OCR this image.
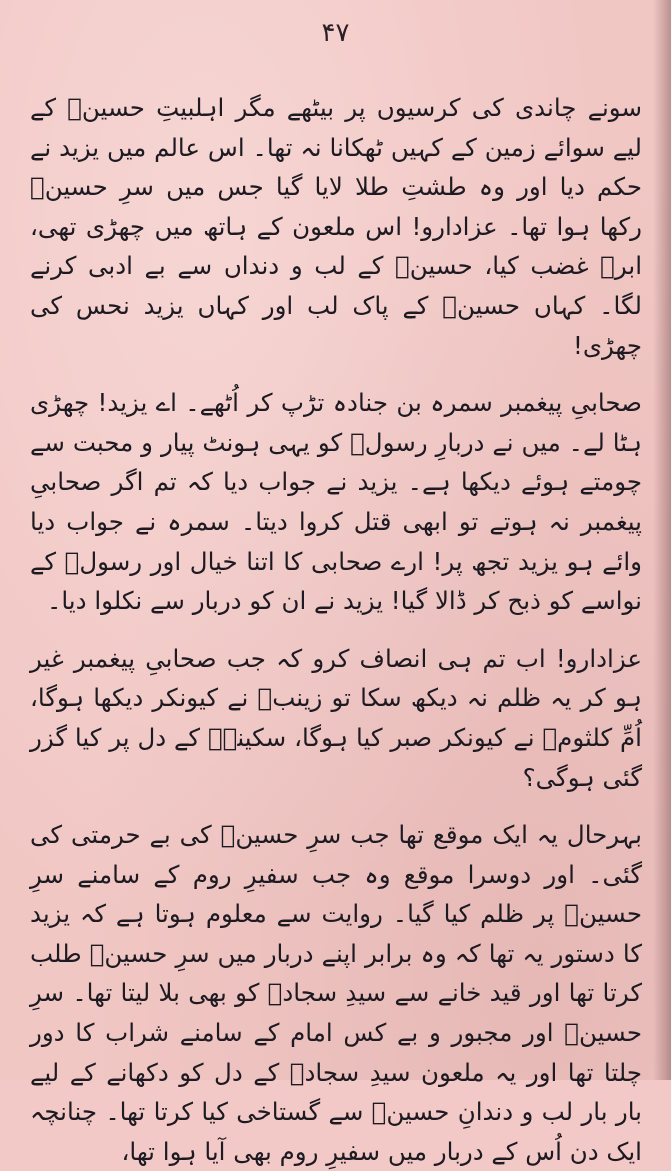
۴۷

سونے چاندی کی کرسیوں پر بیٹھے مگر اہلبیتِ حسینؑ کے لیے سوائے زمین کے کہیں ٹھکانا نہ تھا۔ اس عالم میں یزید نے حکم دیا اور وہ طشتِ طلا لایا گیا جس میں سرِ حسینؑ رکھا ہوا تھا۔ عزادارو! اس ملعون کے ہاتھ میں چھڑی تھی، ابرؔ غضب کیا، حسینؑ کے لب و دنداں سے بے ادبی کرنے لگا۔ کہاں حسینؑ کے پاک لب اور کہاں یزید نحس کی چھڑی!

صحابیِ پیغمبر سمرہ بن جنادہ تڑپ کر اُٹھے۔ اے یزید! چھڑی ہٹا لے۔ میں نے دربارِ رسولؐ کو یہی ہونٹ پیار و محبت سے چومتے ہوئے دیکھا ہے۔ یزید نے جواب دیا کہ تم اگر صحابیِ پیغمبر نہ ہوتے تو ابھی قتل کروا دیتا۔ سمرہ نے جواب دیا وائے ہو یزید تجھ پر! ارے صحابی کا اتنا خیال اور رسولؐ کے نواسے کو ذبح کر ڈالا گیا! یزید نے ان کو دربار سے نکلوا دیا۔

عزادارو! اب تم ہی انصاف کرو کہ جب صحابیِ پیغمبر غیر ہو کر یہ ظلم نہ دیکھ سکا تو زینبؑ نے کیونکر دیکھا ہوگا، اُمِّ کلثومؑ نے کیونکر صبر کیا ہوگا، سکینہؑ کے دل پر کیا گزر گئی ہوگی؟

بہرحال یہ ایک موقع تھا جب سرِ حسینؑ کی بے حرمتی کی گئی۔ اور دوسرا موقع وہ جب سفیرِ روم کے سامنے سرِ حسینؑ پر ظلم کیا گیا۔ روایت سے معلوم ہوتا ہے کہ یزید کا دستور یہ تھا کہ وہ برابر اپنے دربار میں سرِ حسینؑ طلب کرتا تھا اور قید خانے سے سیدِ سجادؑ کو بھی بلا لیتا تھا۔ سرِ حسینؑ اور مجبور و بے کس امام کے سامنے شراب کا دور چلتا تھا اور یہ ملعون سیدِ سجادؑ کے دل کو دکھانے کے لیے بار بار لب و دندانِ حسینؑ سے گستاخی کیا کرتا تھا۔ چنانچہ ایک دن اُس کے دربار میں سفیرِ روم بھی آیا ہوا تھا،
